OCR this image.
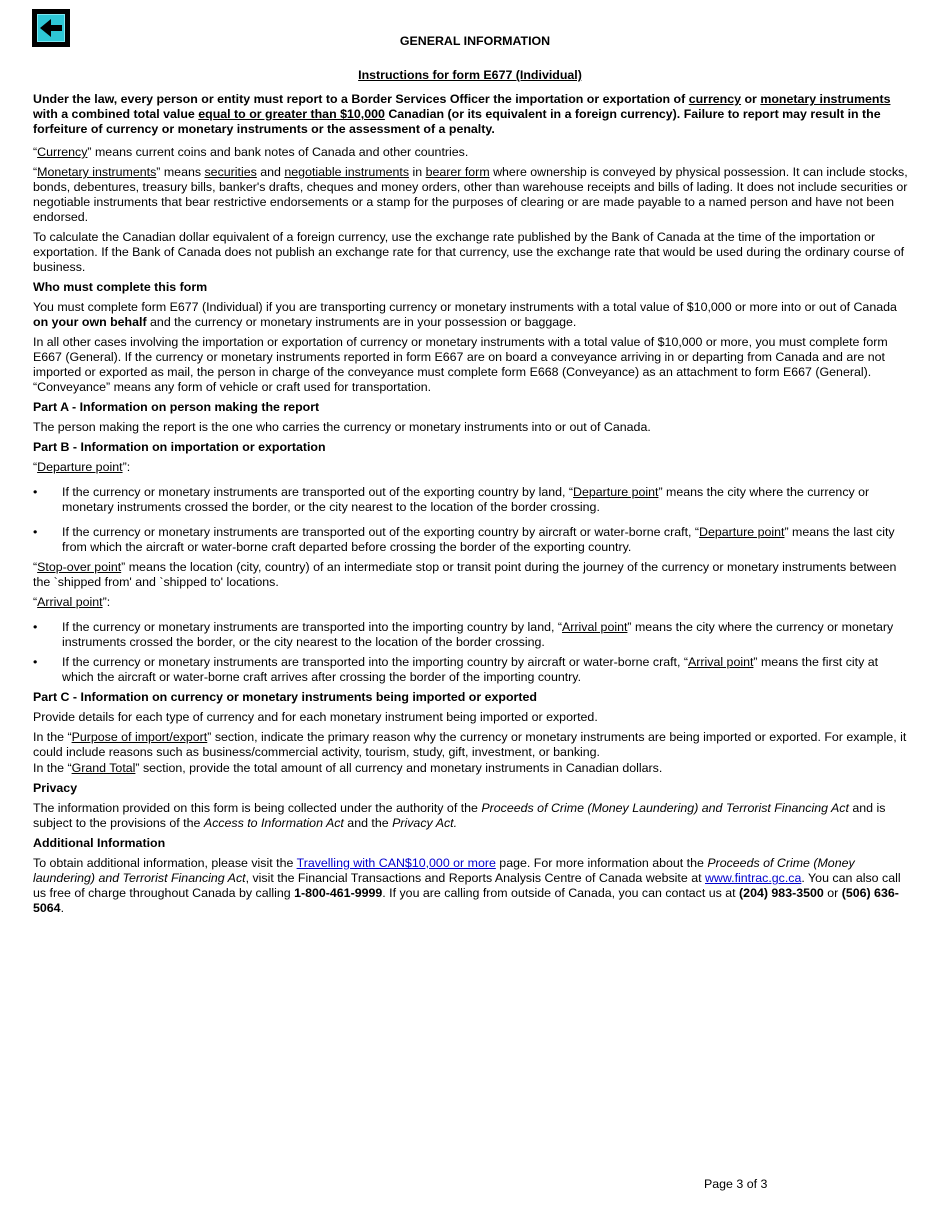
GENERAL INFORMATION
Instructions for form E677 (Individual)

Under the law, every person or entity must report to a Border Services Officer the importation or exportation of currency or monetary instruments with a combined total value equal to or greater than $10,000 Canadian (or its equivalent in a foreign currency). Failure to report may result in the forfeiture of currency or monetary instruments or the assessment of a penalty.

“Currency” means current coins and bank notes of Canada and other countries.

“Monetary instruments” means securities and negotiable instruments in bearer form where ownership is conveyed by physical possession. It can include stocks, bonds, debentures, treasury bills, banker's drafts, cheques and money orders, other than warehouse receipts and bills of lading. It does not include securities or negotiable instruments that bear restrictive endorsements or a stamp for the purposes of clearing or are made payable to a named person and have not been endorsed.

To calculate the Canadian dollar equivalent of a foreign currency, use the exchange rate published by the Bank of Canada at the time of the importation or exportation. If the Bank of Canada does not publish an exchange rate for that currency, use the exchange rate that would be used during the ordinary course of business.

Who must complete this form

You must complete form E677 (Individual) if you are transporting currency or monetary instruments with a total value of $10,000 or more into or out of Canada on your own behalf and the currency or monetary instruments are in your possession or baggage.

In all other cases involving the importation or exportation of currency or monetary instruments with a total value of $10,000 or more, you must complete form E667 (General). If the currency or monetary instruments reported in form E667 are on board a conveyance arriving in or departing from Canada and are not imported or exported as mail, the person in charge of the conveyance must complete form E668 (Conveyance) as an attachment to form E667 (General). “Conveyance” means any form of vehicle or craft used for transportation.

Part A - Information on person making the report

The person making the report is the one who carries the currency or monetary instruments into or out of Canada.

Part B - Information on importation or exportation

“Departure point”:

• If the currency or monetary instruments are transported out of the exporting country by land, “Departure point” means the city where the currency or monetary instruments crossed the border, or the city nearest to the location of the border crossing.
• If the currency or monetary instruments are transported out of the exporting country by aircraft or water-borne craft, “Departure point” means the last city from which the aircraft or water-borne craft departed before crossing the border of the exporting country.

“Stop-over point” means the location (city, country) of an intermediate stop or transit point during the journey of the currency or monetary instruments between the `shipped from' and `shipped to' locations.

“Arrival point”:

• If the currency or monetary instruments are transported into the importing country by land, “Arrival point” means the city where the currency or monetary instruments crossed the border, or the city nearest to the location of the border crossing.
• If the currency or monetary instruments are transported into the importing country by aircraft or water-borne craft, “Arrival point” means the first city at which the aircraft or water-borne craft arrives after crossing the border of the importing country.
Part C - Information on currency or monetary instruments being imported or exported

Provide details for each type of currency and for each monetary instrument being imported or exported.

In the “Purpose of import/export” section, indicate the primary reason why the currency or monetary instruments are being imported or exported. For example, it could include reasons such as business/commercial activity, tourism, study, gift, investment, or banking.

In the “Grand Total” section, provide the total amount of all currency and monetary instruments in Canadian dollars.

Privacy

The information provided on this form is being collected under the authority of the Proceeds of Crime (Money Laundering) and Terrorist Financing Act and is subject to the provisions of the Access to Information Act and the Privacy Act.

Additional Information

To obtain additional information, please visit the Travelling with CAN$10,000 or more page. For more information about the Proceeds of Crime (Money laundering) and Terrorist Financing Act, visit the Financial Transactions and Reports Analysis Centre of Canada website at www.fintrac.gc.ca. You can also call us free of charge throughout Canada by calling 1-800-461-9999. If you are calling from outside of Canada, you can contact us at (204) 983-3500 or (506) 636-5064.

Page 3 of 3
